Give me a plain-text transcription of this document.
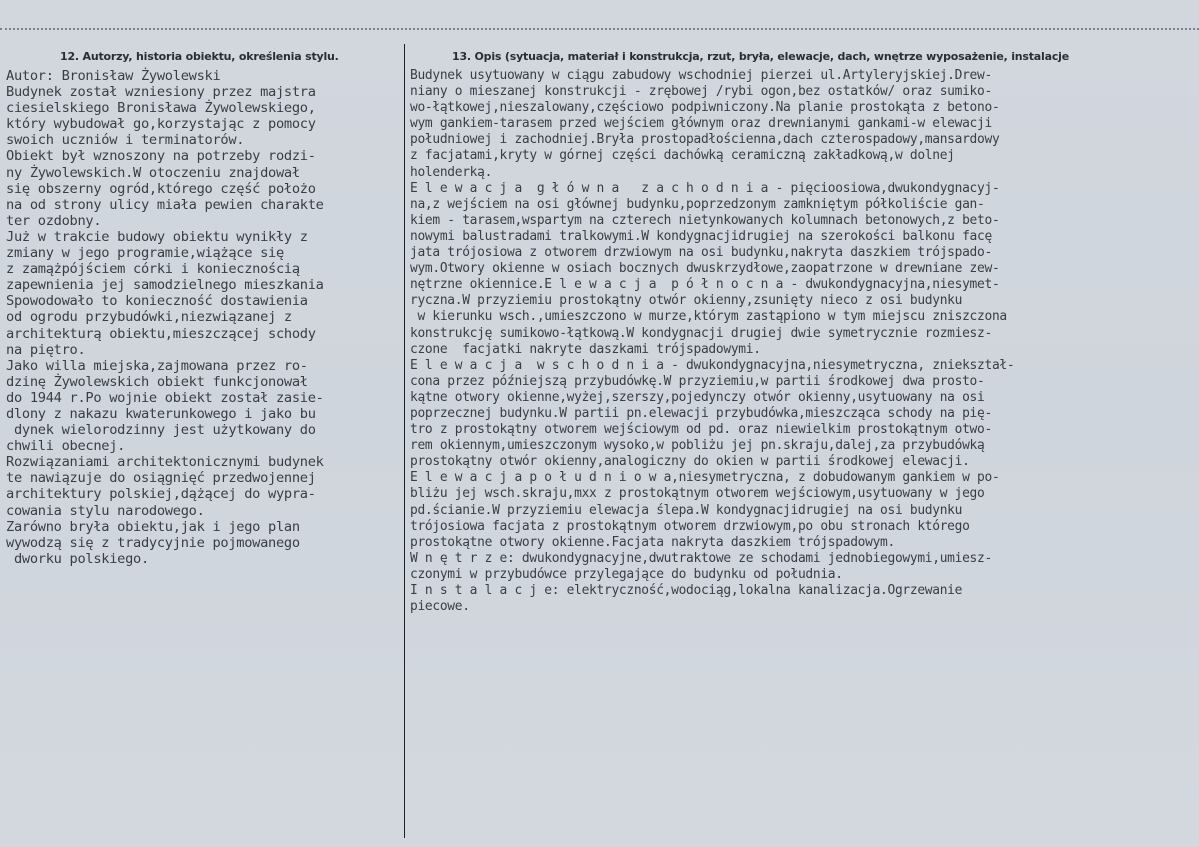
12. Autorzy, historia obiektu, określenia stylu.	13. Opis (sytuacja, materiał i konstrukcja, rzut, bryła, elewacje, dach, wnętrze wyposażenie, instalacje
Autor: Bronisław Żywolewski
Budynek został wzniesiony przez majstra
ciesielskiego Bronisława Żywolewskiego,
który wybudował go,korzystając z pomocy
swoich uczniów i terminatorów.
Obiekt był wznoszony na potrzeby rodzi-
ny Żywolewskich.W otoczeniu znajdował
się obszerny ogród,którego część położo
na od strony ulicy miała pewien charakte
ter ozdobny.
Już w trakcie budowy obiektu wynikły z
zmiany w jego programie,wiążące się
z zamążpójściem córki i koniecznością
zapewnienia jej samodzielnego mieszkania
Spowodowało to konieczność dostawienia
od ogrodu przybudówki,niezwiązanej z
architekturą obiektu,mieszczącej schody
na piętro.
Jako willa miejska,zajmowana przez ro-
dzinę Żywolewskich obiekt funkcjonował
do 1944 r.Po wojnie obiekt został zasie-
dlony z nakazu kwaterunkowego i jako bu
dynek wielorodzinny jest użytkowany do
chwili obecnej.
Rozwiązaniami architektonicznymi budynek
te nawiązuje do osiągnięć przedwojennej
architektury polskiej,dążącej do wypra-
cowania stylu narodowego.
Zarówno bryła obiektu,jak i jego plan
wywodzą się z tradycyjnie pojmowanego
dworku polskiego.
Budynek usytuowany w ciągu zabudowy wschodniej pierzei ul.Artyleryjskiej.Drew-
niany o mieszanej konstrukcji - zrębowej /rybi ogon,bez ostatków/ oraz sumiko-
wo-łątkowej,nieszalowany,częściowo podpiwniczony.Na planie prostokąta z betono-
wym gankiem-tarasem przed wejściem głównym oraz drewnianymi gankami-w elewacji
południowej i zachodniej.Bryła prostopadłościenna,dach czterospadowy,mansardowy
z facjatami,kryty w górnej części dachówką ceramiczną zakładkową,w dolnej
holenderką.
E l e w a c j a  g ł ó w n a   z a c h o d n i a - pięcioosiowa,dwukondygnacyj-
na,z wejściem na osi głównej budynku,poprzedzonym zamkniętym półkoliście gan-
kiem - tarasem,wspartym na czterech nietynkowanych kolumnach betonowych,z beto-
nowymi balustradami tralkowymi.W kondygnacjidrugiej na szerokości balkonu facę
jata trójosiowa z otworem drzwiowym na osi budynku,nakryta daszkiem trójspado-
wym.Otwory okienne w osiach bocznych dwuskrzydłowe,zaopatrzone w drewniane zew-
nętrzne okiennice.E l e w a c j a  p ó ł n o c n a - dwukondygnacyjna,niesymet-
ryczna.W przyziemiu prostokątny otwór okienny,zsunięty nieco z osi budynku
w kierunku wsch.,umieszczono w murze,którym zastąpiono w tym miejscu zniszczona
konstrukcję sumikowo-łątkową.W kondygnacji drugiej dwie symetrycznie rozmiesz-
czone  facjatki nakryte daszkami trójspadowymi.
E l e w a c j a  w s c h o d n i a - dwukondygnacyjna,niesymetryczna, zniekształ-
cona przez późniejszą przybudówkę.W przyziemiu,w partii środkowej dwa prosto-
kątne otwory okienne,wyżej,szerszy,pojedynczy otwór okienny,usytuowany na osi
poprzecznej budynku.W partii pn.elewacji przybudówka,mieszcząca schody na pię-
tro z prostokątny otworem wejściowym od pd. oraz niewielkim prostokątnym otwo-
rem okiennym,umieszczonym wysoko,w pobliżu jej pn.skraju,dalej,za przybudówką
prostokątny otwór okienny,analogiczny do okien w partii środkowej elewacji.
E l e w a c j a p o ł u d n i o w a,niesymetryczna, z dobudowanym gankiem w po-
bliżu jej wsch.skraju,mxx z prostokątnym otworem wejściowym,usytuowany w jego
pd.ścianie.W przyziemiu elewacja ślepa.W kondygnacjidrugiej na osi budynku
trójosiowa facjata z prostokątnym otworem drzwiowym,po obu stronach którego
prostokątne otwory okienne.Facjata nakryta daszkiem trójspadowym.
W n ę t r z e: dwukondygnacyjne,dwutraktowe ze schodami jednobiegowymi,umiesz-
czonymi w przybudówce przylegające do budynku od południa.
I n s t a l a c j e: elektryczność,wodociąg,lokalna kanalizacja.Ogrzewanie
piecowe.
